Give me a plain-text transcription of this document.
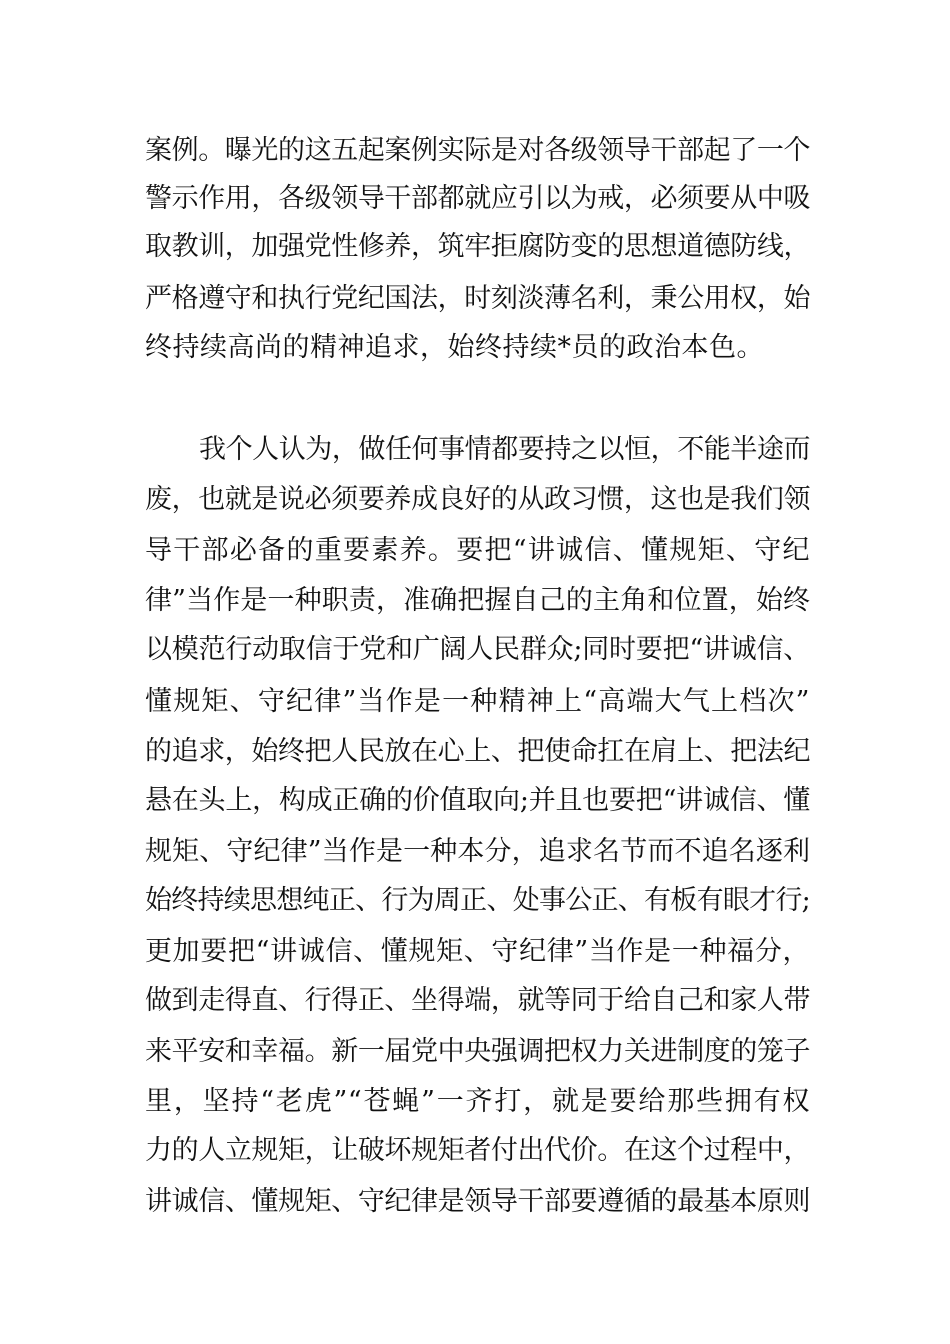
案例。曝光的这五起案例实际是对各级领导干部起了一个
警示作用，各级领导干部都就应引以为戒，必须要从中吸
取教训，加强党性修养，筑牢拒腐防变的思想道德防线，
严格遵守和执行党纪国法，时刻淡薄名利，秉公用权，始
终持续高尚的精神追求，始终持续*员的政治本色。
我个人认为，做任何事情都要持之以恒，不能半途而
废，也就是说必须要养成良好的从政习惯，这也是我们领
导干部必备的重要素养。要把“讲诚信、懂规矩、守纪
律”当作是一种职责，准确把握自己的主角和位置，始终
以模范行动取信于党和广阔人民群众;同时要把“讲诚信、
懂规矩、守纪律”当作是一种精神上“高端大气上档次”
的追求，始终把人民放在心上、把使命扛在肩上、把法纪
悬在头上，构成正确的价值取向;并且也要把“讲诚信、懂
规矩、守纪律”当作是一种本分，追求名节而不追名逐利
始终持续思想纯正、行为周正、处事公正、有板有眼才行;
更加要把“讲诚信、懂规矩、守纪律”当作是一种福分，
做到走得直、行得正、坐得端，就等同于给自己和家人带
来平安和幸福。新一届党中央强调把权力关进制度的笼子
里，坚持“老虎”“苍蝇”一齐打，就是要给那些拥有权
力的人立规矩，让破坏规矩者付出代价。在这个过程中，
讲诚信、懂规矩、守纪律是领导干部要遵循的最基本原则
